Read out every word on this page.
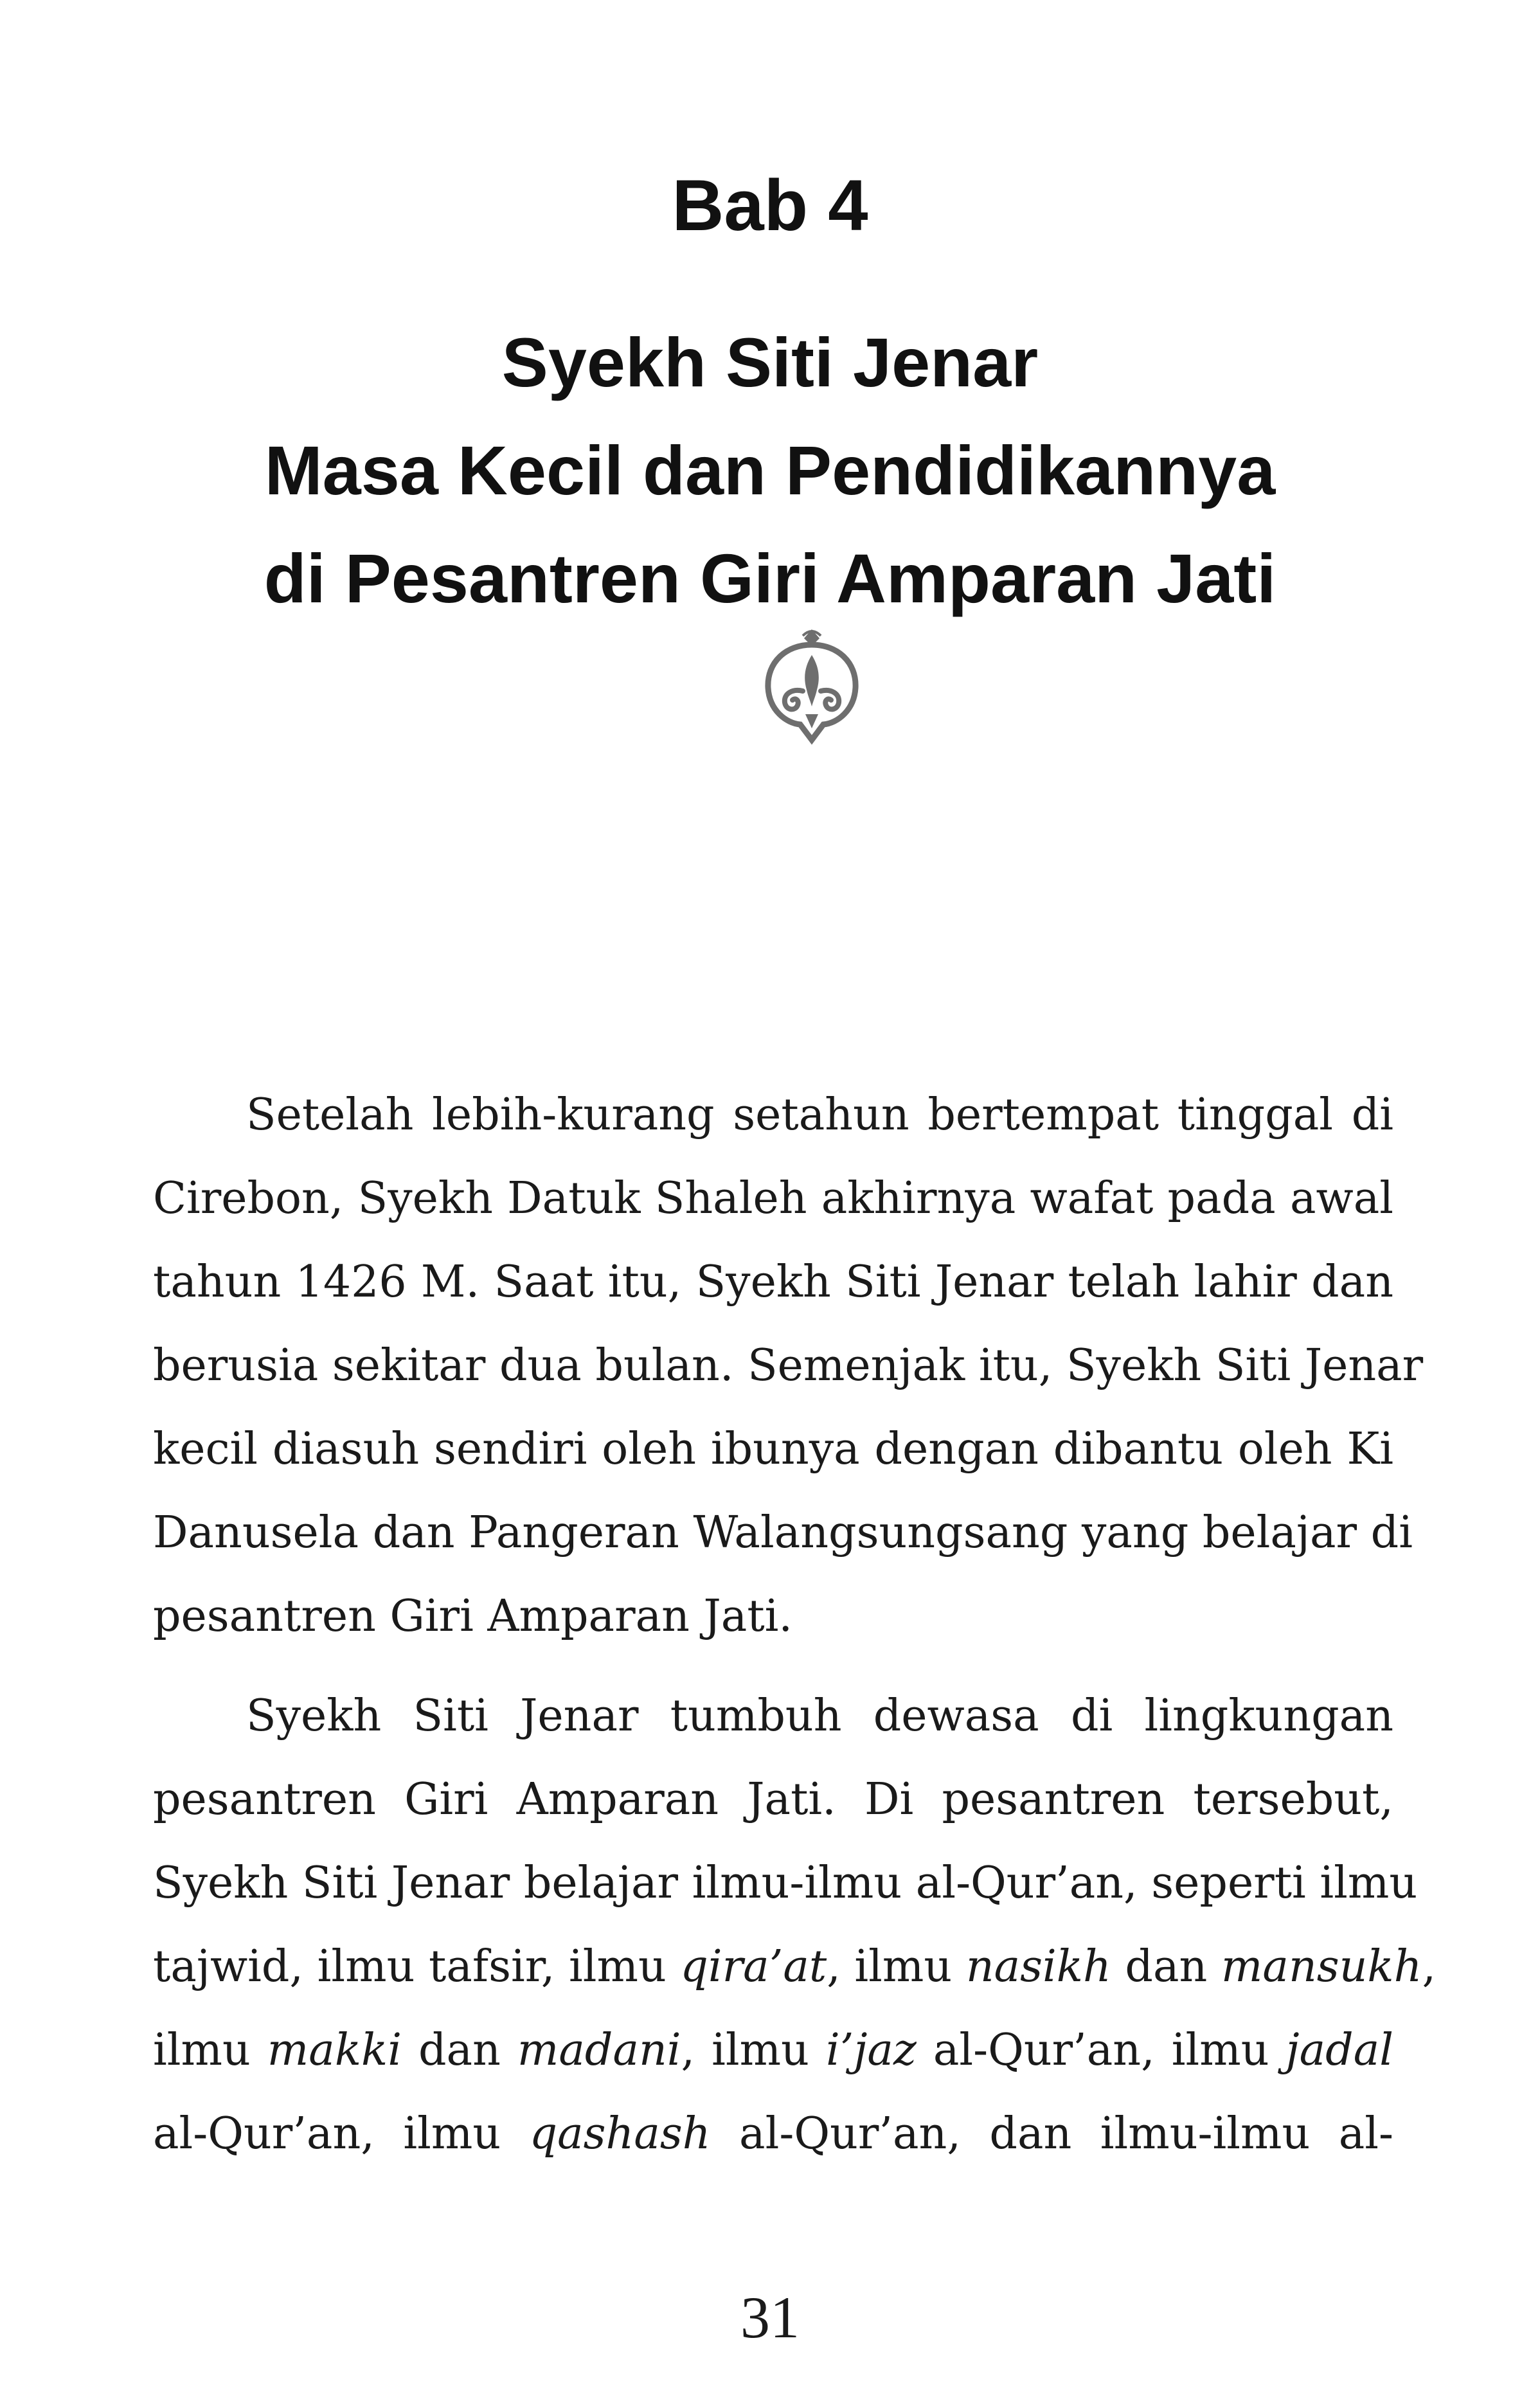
Bab 4
Syekh Siti Jenar
Masa Kecil dan Pendidikannya
di Pesantren Giri Amparan Jati
Setelah lebih-kurang setahun bertempat tinggal di
Cirebon, Syekh Datuk Shaleh akhirnya wafat pada awal
tahun 1426 M. Saat itu, Syekh Siti Jenar telah lahir dan
berusia sekitar dua bulan. Semenjak itu, Syekh Siti Jenar
kecil diasuh sendiri oleh ibunya dengan dibantu oleh Ki
Danusela dan Pangeran Walangsungsang yang belajar di
pesantren Giri Amparan Jati.
Syekh Siti Jenar tumbuh dewasa di lingkungan
pesantren Giri Amparan Jati. Di pesantren tersebut,
Syekh Siti Jenar belajar ilmu-ilmu al-Qur’an, seperti ilmu
tajwid, ilmu tafsir, ilmu qira’at, ilmu nasikh dan mansukh,
ilmu makki dan madani, ilmu i’jaz al-Qur’an, ilmu jadal
al-Qur’an, ilmu qashash al-Qur’an, dan ilmu-ilmu al-
31
